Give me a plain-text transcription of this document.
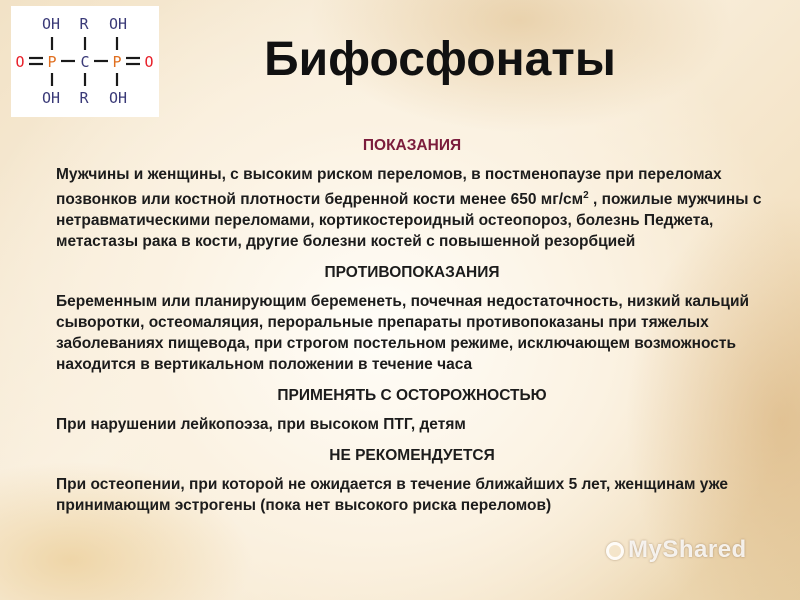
OH R OH
O P C P O
OH R OH
Бифосфонаты
ПОКАЗАНИЯ

Мужчины и женщины, с высоким риском переломов, в постменопаузе при переломах позвонков или костной плотности бедренной кости менее 650 $мг/см^2$ , пожилые мужчины с нетравматическими переломами, кортикостероидный остеопороз, болезнь Педжета, метастазы рака в кости, другие болезни костей с повышенной резорбцией

ПРОТИВОПОКАЗАНИЯ

Беременным или планирующим беременеть, почечная недостаточность, низкий кальций сыворотки, остеомаляция, пероральные препараты противопоказаны при тяжелых заболеваниях пищевода, при строгом постельном режиме, исключающем возможность находится в вертикальном положении в течение часа

ПРИМЕНЯТЬ С ОСТОРОЖНОСТЬЮ

При нарушении лейкопоэза, при высоком ПТГ, детям

НЕ РЕКОМЕНДУЕТСЯ

При остеопении, при которой не ожидается в течение ближайших 5 лет, женщинам уже принимающим эстрогены (пока нет высокого риска переломов)

MyShared
